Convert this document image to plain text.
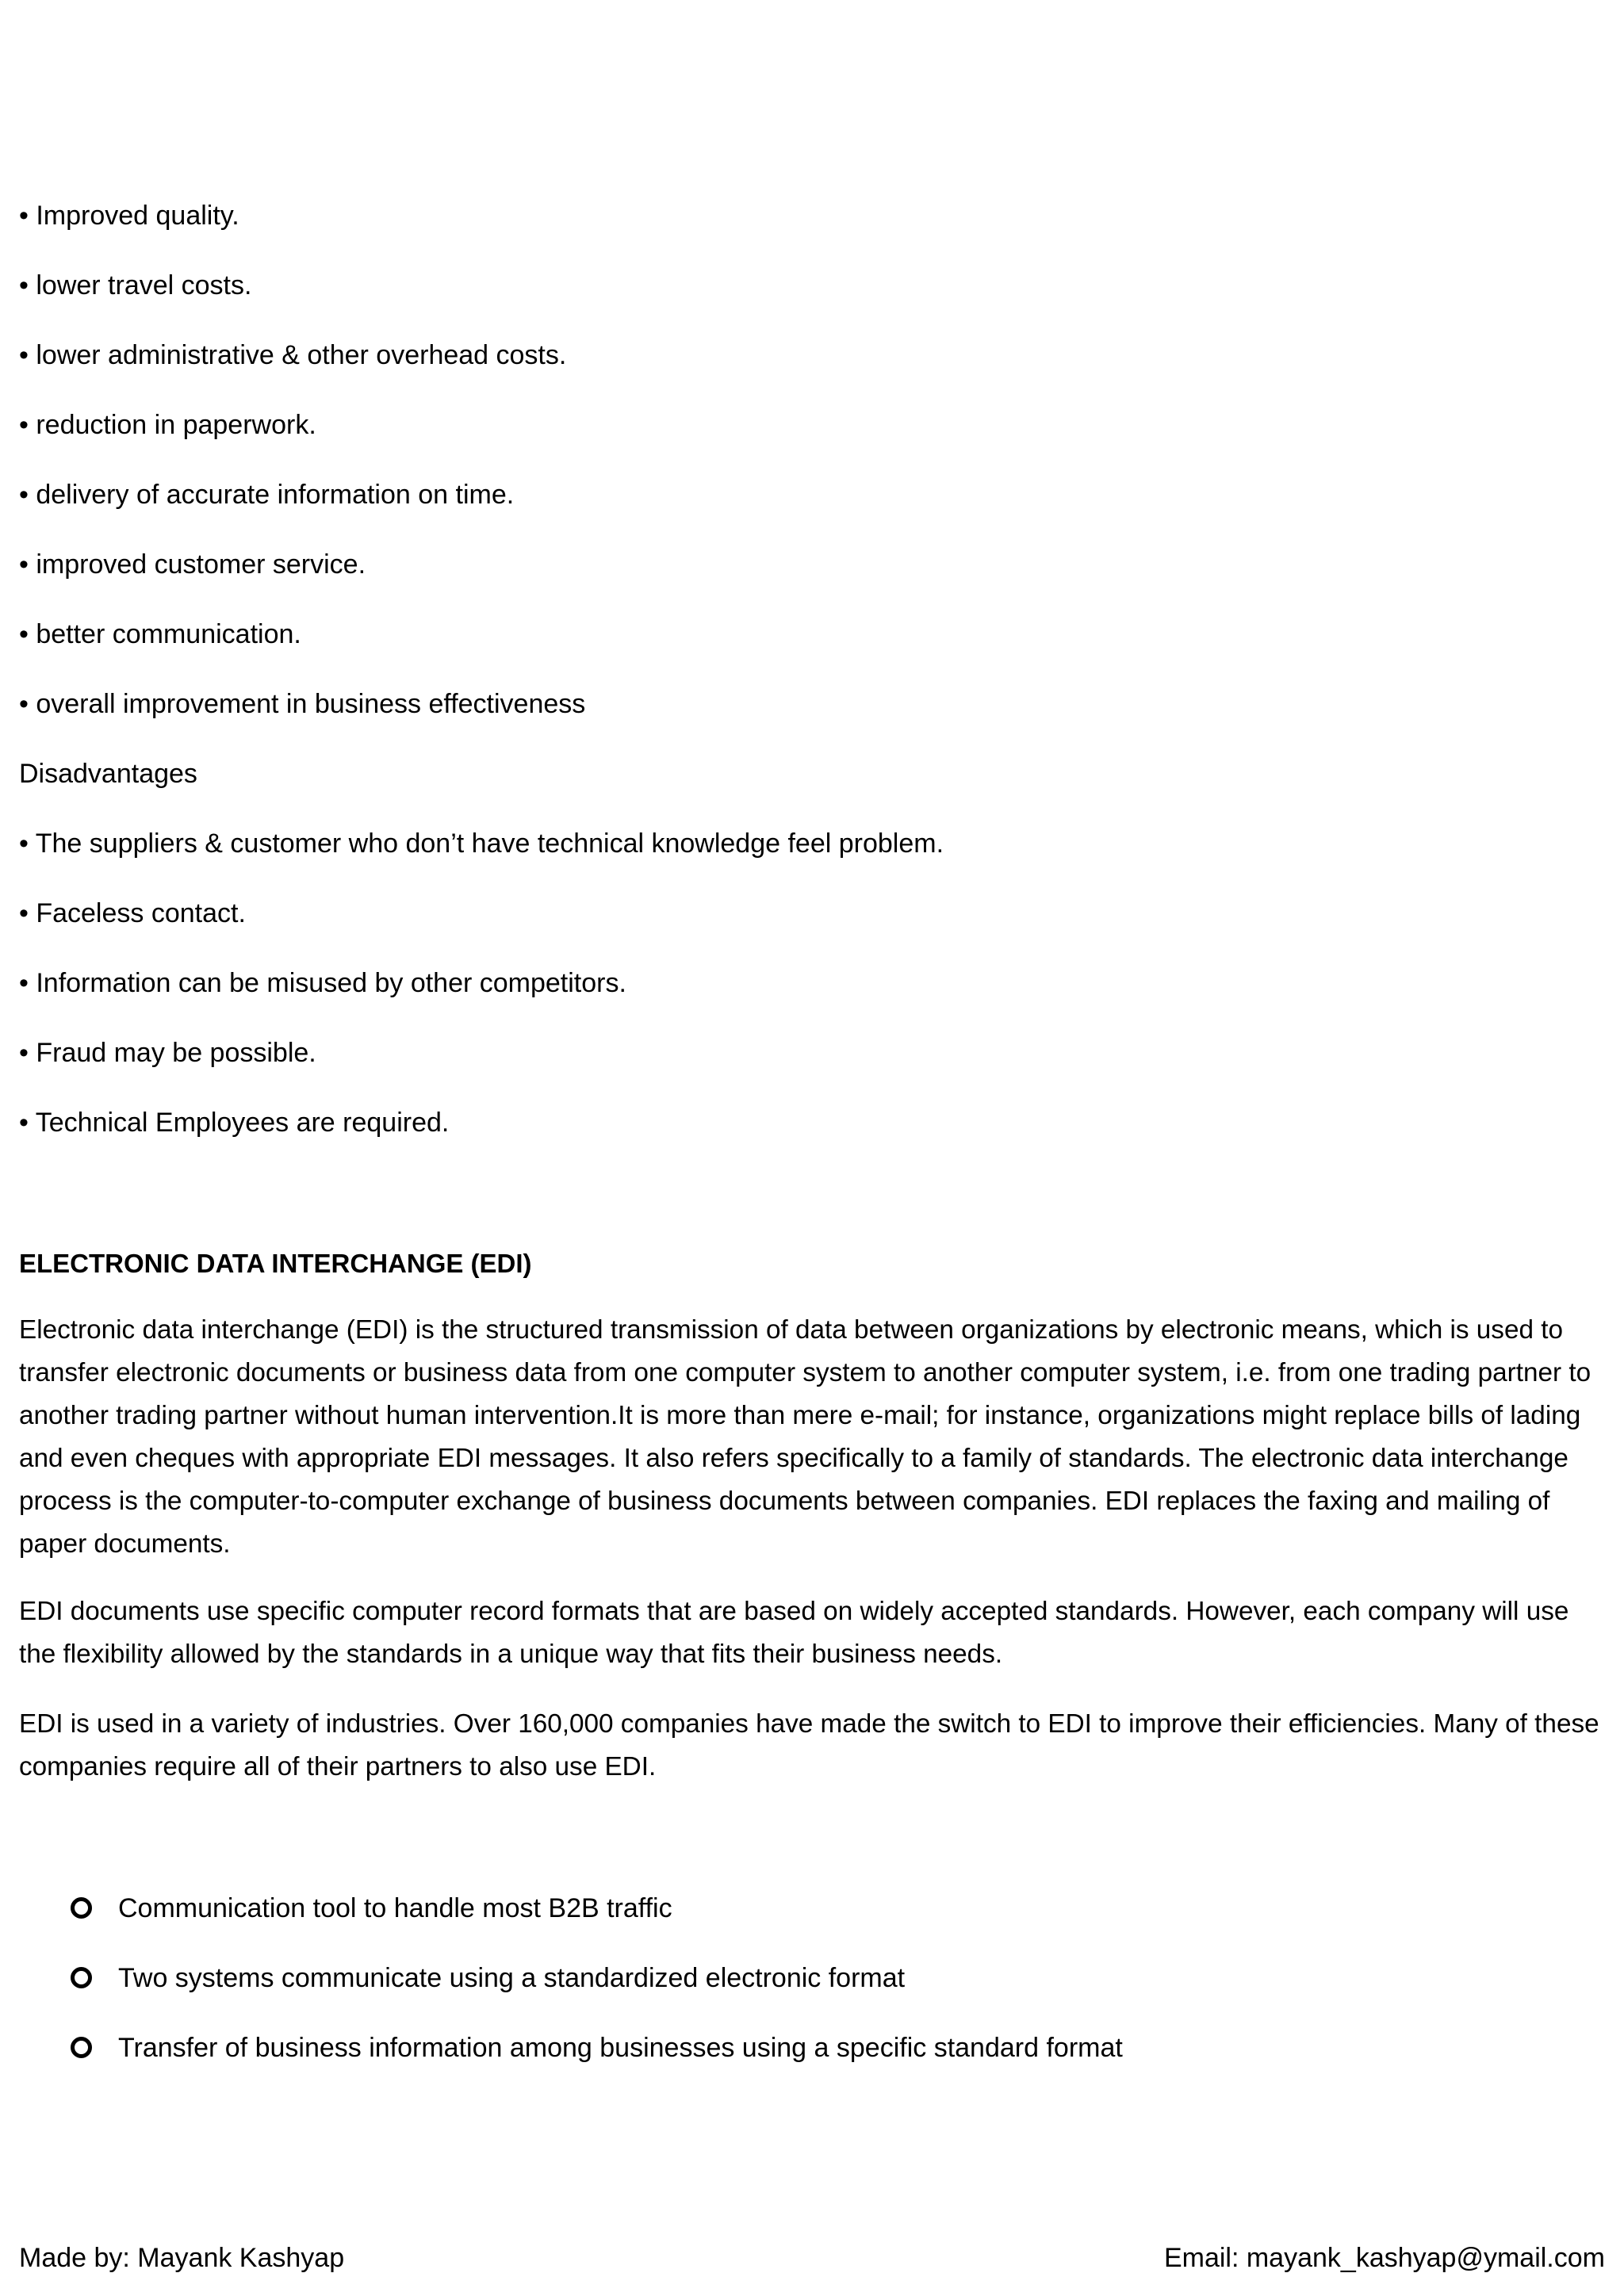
• Improved quality.
• lower travel costs.
• lower administrative & other overhead costs.
• reduction in paperwork.
• delivery of accurate information on time.
• improved customer service.
• better communication.
• overall improvement in business effectiveness
Disadvantages
• The suppliers & customer who don’t have technical knowledge feel problem.
• Faceless contact.
• Information can be misused by other competitors.
• Fraud may be possible.
• Technical Employees are required.
ELECTRONIC DATA INTERCHANGE (EDI)

Electronic data interchange (EDI) is the structured transmission of data between organizations by electronic means, which is used to transfer electronic documents or business data from one computer system to another computer system, i.e. from one trading partner to another trading partner without human intervention.It is more than mere e-mail; for instance, organizations might replace bills of lading and even cheques with appropriate EDI messages. It also refers specifically to a family of standards. The electronic data interchange process is the computer-to-computer exchange of business documents between companies. EDI replaces the faxing and mailing of paper documents.

EDI documents use specific computer record formats that are based on widely accepted standards. However, each company will use the flexibility allowed by the standards in a unique way that fits their business needs.

EDI is used in a variety of industries. Over 160,000 companies have made the switch to EDI to improve their efficiencies. Many of these companies require all of their partners to also use EDI.

Communication tool to handle most B2B traffic
Two systems communicate using a standardized electronic format
Transfer of business information among businesses using a specific standard format
Made by: Mayank Kashyap	Email: mayank_kashyap@ymail.com
